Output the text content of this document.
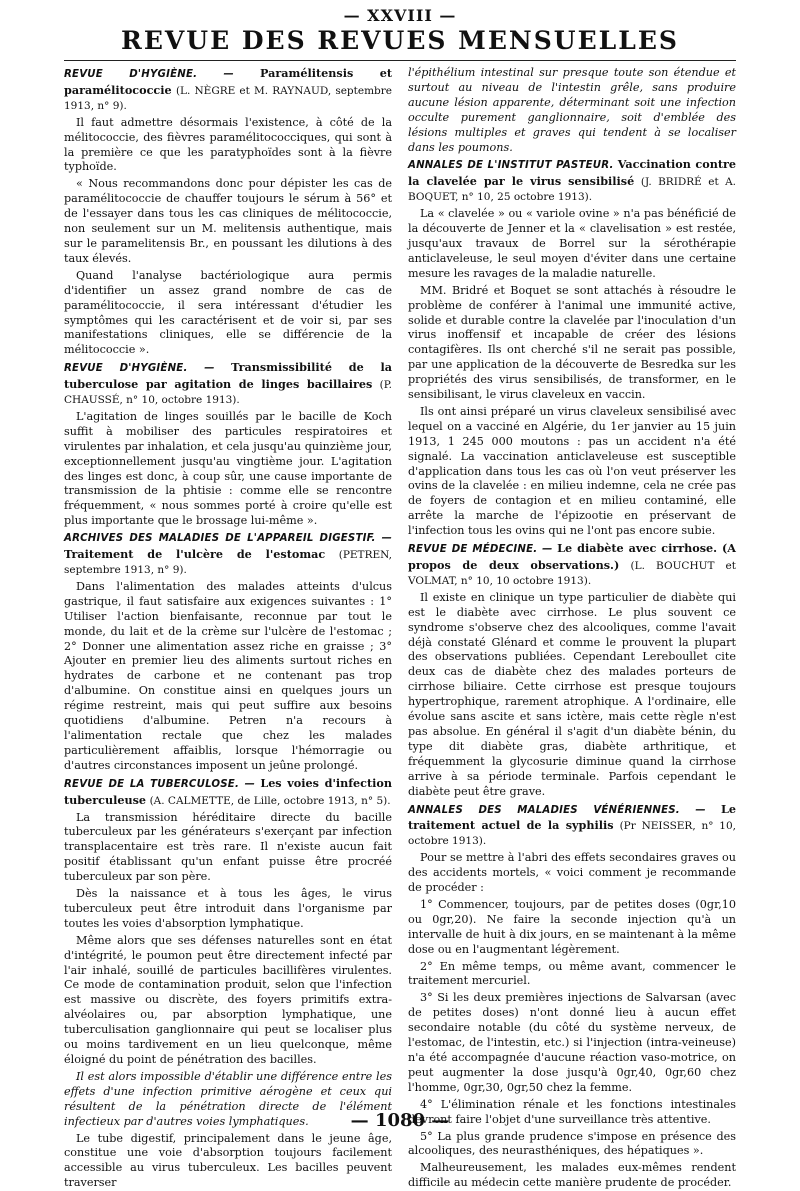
— XXVIII —
REVUE DES REVUES MENSUELLES

REVUE D'HYGIÈNE. — Paramélitensis et paramélitococcie (L. NÈGRE et M. RAYNAUD, septembre 1913, n° 9).

Il faut admettre désormais l'existence, à côté de la mélitococcie, des fièvres paramélitococciques, qui sont à la première ce que les paratyphoïdes sont à la fièvre typhoïde.

« Nous recommandons donc pour dépister les cas de paramélitococcie de chauffer toujours le sérum à 56° et de l'essayer dans tous les cas cliniques de mélitococcie, non seulement sur un M. melitensis authentique, mais sur le paramelitensis Br., en poussant les dilutions à des taux élevés.

Quand l'analyse bactériologique aura permis d'identifier un assez grand nombre de cas de paramélitococcie, il sera intéressant d'étudier les symptômes qui les caractérisent et de voir si, par ses manifestations cliniques, elle se différencie de la mélitococcie ».

REVUE D'HYGIÈNE. — Transmissibilité de la tuberculose par agitation de linges bacillaires (P. CHAUSSÉ, n° 10, octobre 1913).

L'agitation de linges souillés par le bacille de Koch suffit à mobiliser des particules respiratoires et virulentes par inhalation, et cela jusqu'au quinzième jour, exceptionnellement jusqu'au vingtième jour. L'agitation des linges est donc, à coup sûr, une cause importante de transmission de la phtisie : comme elle se rencontre fréquemment, « nous sommes porté à croire qu'elle est plus importante que le brossage lui-même ».

ARCHIVES DES MALADIES DE L'APPAREIL DIGESTIF. — Traitement de l'ulcère de l'estomac (PETREN, septembre 1913, n° 9).

Dans l'alimentation des malades atteints d'ulcus gastrique, il faut satisfaire aux exigences suivantes : 1° Utiliser l'action bienfaisante, reconnue par tout le monde, du lait et de la crème sur l'ulcère de l'estomac ; 2° Donner une alimentation assez riche en graisse ; 3° Ajouter en premier lieu des aliments surtout riches en hydrates de carbone et ne contenant pas trop d'albumine. On constitue ainsi en quelques jours un régime restreint, mais qui peut suffire aux besoins quotidiens d'albumine. Petren n'a recours à l'alimentation rectale que chez les malades particulièrement affaiblis, lorsque l'hémorragie ou d'autres circonstances imposent un jeûne prolongé.

REVUE DE LA TUBERCULOSE. — Les voies d'infection tuberculeuse (A. CALMETTE, de Lille, octobre 1913, n° 5).

La transmission héréditaire directe du bacille tuberculeux par les générateurs s'exerçant par infection transplacentaire est très rare. Il n'existe aucun fait positif établissant qu'un enfant puisse être procréé tuberculeux par son père.

Dès la naissance et à tous les âges, le virus tuberculeux peut être introduit dans l'organisme par toutes les voies d'absorption lymphatique.

Même alors que ses défenses naturelles sont en état d'intégrité, le poumon peut être directement infecté par l'air inhalé, souillé de particules bacillifères virulentes. Ce mode de contamination produit, selon que l'infection est massive ou discrète, des foyers primitifs extra-alvéolaires ou, par absorption lymphatique, une tuberculisation ganglionnaire qui peut se localiser plus ou moins tardivement en un lieu quelconque, même éloigné du point de pénétration des bacilles.

Il est alors impossible d'établir une différence entre les effets d'une infection primitive aérogène et ceux qui résultent de la pénétration directe de l'élément infectieux par d'autres voies lymphatiques.

Le tube digestif, principalement dans le jeune âge, constitue une voie d'absorption toujours facilement accessible au virus tuberculeux. Les bacilles peuvent traverser

l'épithélium intestinal sur presque toute son étendue et surtout au niveau de l'intestin grêle, sans produire aucune lésion apparente, déterminant soit une infection occulte purement ganglionnaire, soit d'emblée des lésions multiples et graves qui tendent à se localiser dans les poumons.

ANNALES DE L'INSTITUT PASTEUR. Vaccination contre la clavelée par le virus sensibilisé (J. BRIDRÉ et A. BOQUET, n° 10, 25 octobre 1913).

La « clavelée » ou « variole ovine » n'a pas bénéficié de la découverte de Jenner et la « clavelisation » est restée, jusqu'aux travaux de Borrel sur la sérothérapie anticlaveleuse, le seul moyen d'éviter dans une certaine mesure les ravages de la maladie naturelle.

MM. Bridré et Boquet se sont attachés à résoudre le problème de conférer à l'animal une immunité active, solide et durable contre la clavelée par l'inoculation d'un virus inoffensif et incapable de créer des lésions contagifères. Ils ont cherché s'il ne serait pas possible, par une application de la découverte de Besredka sur les propriétés des virus sensibilisés, de transformer, en le sensibilisant, le virus claveleux en vaccin.

Ils ont ainsi préparé un virus claveleux sensibilisé avec lequel on a vacciné en Algérie, du 1er janvier au 15 juin 1913, 1 245 000 moutons : pas un accident n'a été signalé. La vaccination anticlaveleuse est susceptible d'application dans tous les cas où l'on veut préserver les ovins de la clavelée : en milieu indemne, cela ne crée pas de foyers de contagion et en milieu contaminé, elle arrête la marche de l'épizootie en préservant de l'infection tous les ovins qui ne l'ont pas encore subie.

REVUE DE MÉDECINE. — Le diabète avec cirrhose. (A propos de deux observations.) (L. BOUCHUT et VOLMAT, n° 10, 10 octobre 1913).

Il existe en clinique un type particulier de diabète qui est le diabète avec cirrhose. Le plus souvent ce syndrome s'observe chez des alcooliques, comme l'avait déjà constaté Glénard et comme le prouvent la plupart des observations publiées. Cependant Lereboullet cite deux cas de diabète chez des malades porteurs de cirrhose biliaire. Cette cirrhose est presque toujours hypertrophique, rarement atrophique. A l'ordinaire, elle évolue sans ascite et sans ictère, mais cette règle n'est pas absolue. En général il s'agit d'un diabète bénin, du type dit diabète gras, diabète arthritique, et fréquemment la glycosurie diminue quand la cirrhose arrive à sa période terminale. Parfois cependant le diabète peut être grave.

ANNALES DES MALADIES VÉNÉRIENNES. — Le traitement actuel de la syphilis (Pr NEISSER, n° 10, octobre 1913).

Pour se mettre à l'abri des effets secondaires graves ou des accidents mortels, « voici comment je recommande de procéder :

1° Commencer, toujours, par de petites doses (0gr,10 ou 0gr,20). Ne faire la seconde injection qu'à un intervalle de huit à dix jours, en se maintenant à la même dose ou en l'augmentant légèrement.

2° En même temps, ou même avant, commencer le traitement mercuriel.

3° Si les deux premières injections de Salvarsan (avec de petites doses) n'ont donné lieu à aucun effet secondaire notable (du côté du système nerveux, de l'estomac, de l'intestin, etc.) si l'injection (intra-veineuse) n'a été accompagnée d'aucune réaction vaso-motrice, on peut augmenter la dose jusqu'à 0gr,40, 0gr,60 chez l'homme, 0gr,30, 0gr,50 chez la femme.

4° L'élimination rénale et les fonctions intestinales devront faire l'objet d'une surveillance très attentive.

5° La plus grande prudence s'impose en présence des alcooliques, des neurasthéniques, des hépatiques ».

Malheureusement, les malades eux-mêmes rendent difficile au médecin cette manière prudente de procéder.

— 1080 —
